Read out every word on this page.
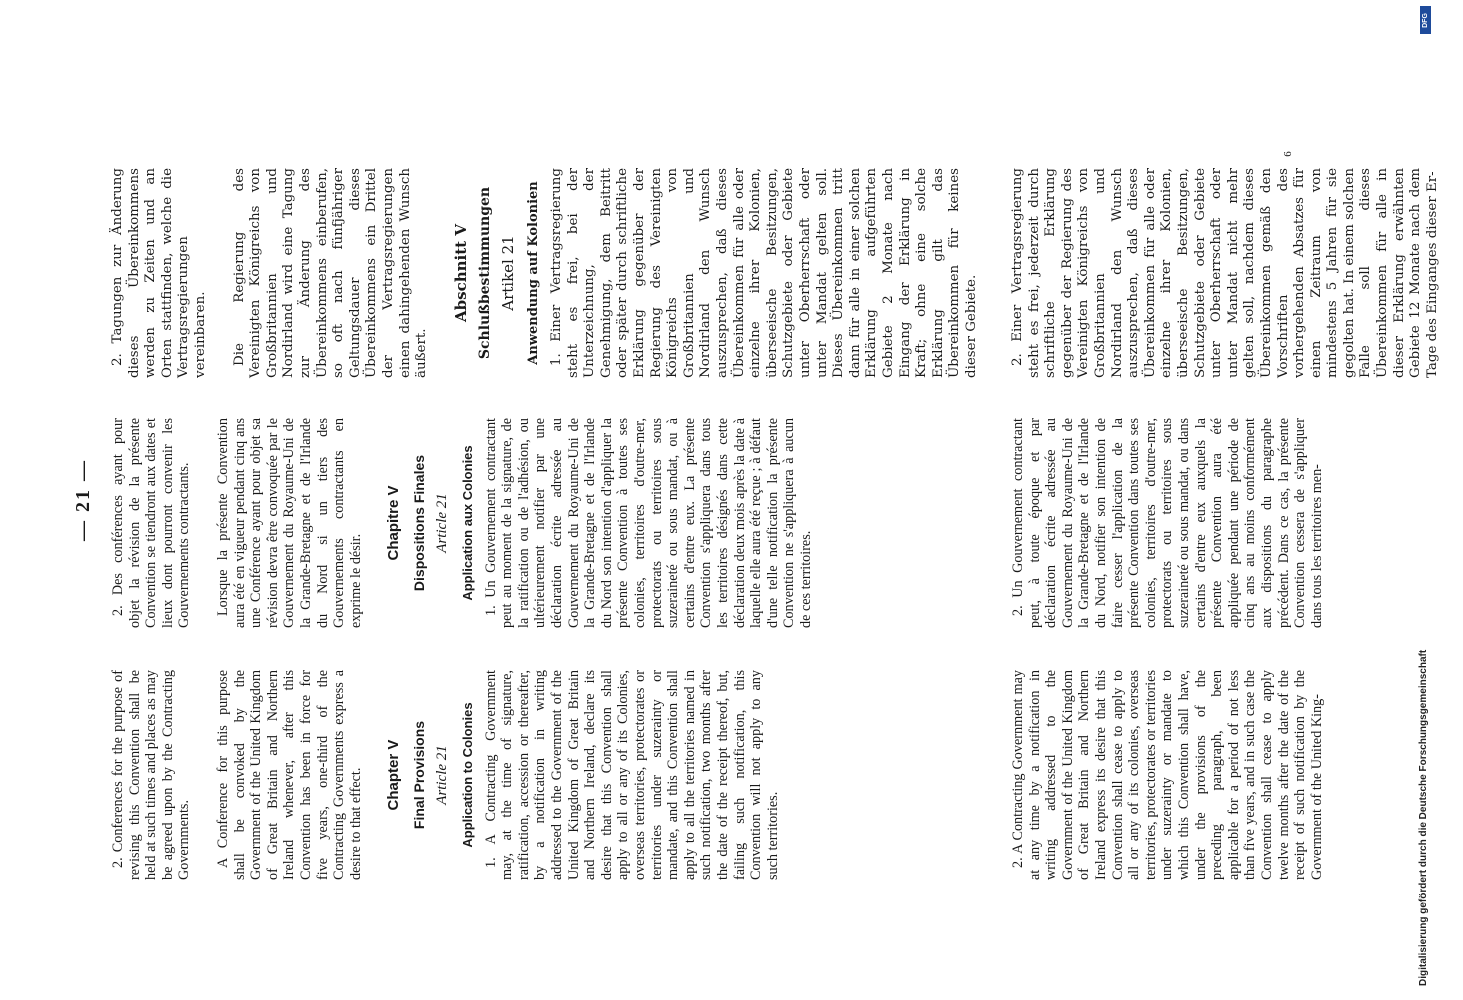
— 21 —

2. Conferences for the purpose of revising this Convention shall be held at such times and places as may be agreed upon by the Contracting Governments. A Conference for this purpose shall be convoked by the Government of the United Kingdom of Great Britain and Northern Ireland whenever, after this Convention has been in force for five years, one-third of the Contracting Governments express a desire to that effect. Chapter V Final Provisions Article 21 Application to Colonies 1. A Contracting Government may, at the time of signature, ratification, accession or thereafter, by a notification in writing addressed to the Government of the United Kingdom of Great Britain and Northern Ireland, declare its desire that this Convention shall apply to all or any of its Colonies, overseas territories, protectorates or territories under suzerainty or mandate, and this Convention shall apply to all the territories named in such notification, two months after the date of the receipt thereof, but, failing such notification, this Convention will not apply to any such territories.	2. A Contracting Government may at any time by a notification in writing addressed to the Government of the United Kingdom of Great Britain and Northern Ireland express its desire that this Convention shall cease to apply to all or any of its colonies, overseas territories, protectorates or territories under suzerainty or mandate to which this Convention shall have, under the provisions of the preceding paragraph, been applicable for a period of not less than five years, and in such case the Convention shall cease to apply twelve months after the date of the receipt of such notification by the Government of the United King-

2. Des conférences ayant pour objet la révision de la présente Convention se tiendront aux dates et lieux dont pourront convenir les Gouvernements contractants. Lorsque la présente Convention aura été en vigueur pendant cinq ans une Conférence ayant pour objet sa révision devra être convoquée par le Gouvernement du Royaume-Uni de la Grande-Bretagne et de l'Irlande du Nord si un tiers des Gouvernements contractants en exprime le désir.

Chapitre V Dispositions Finales Article 21 Application aux Colonies 1. Un Gouvernement contractant peut au moment de la signature, de la ratification ou de l'adhésion, ou ultérieurement notifier par une déclaration écrite adressée au Gouvernement du Royaume-Uni de la Grande-Bretagne et de l'Irlande du Nord son intention d'appliquer la présente Convention à toutes ses colonies, territoires d'outre-mer, protectorats ou territoires sous suzeraineté ou sous mandat, ou à certains d'entre eux. La présente Convention s'appliquera dans tous les territoires désignés dans cette déclaration deux mois après la date à laquelle elle aura été reçue ; à défaut d'une telle notification la présente Convention ne s'appliquera à aucun de ces territoires.	2. Un Gouvernement contractant peut, à toute époque et par déclaration écrite adressée au Gouvernement du Royaume-Uni de la Grande-Bretagne et de l'Irlande du Nord, notifier son intention de faire cesser l'application de la présente Convention dans toutes ses colonies, territoires d'outre-mer, protectorats ou territoires sous suzeraineté ou sous mandat, ou dans certains d'entre eux auxquels la présente Convention aura été appliquée pendant une période de cinq ans au moins conformément aux dispositions du paragraphe précédent. Dans ce cas, la présente Convention cessera de s'appliquer dans tous les territoires men-

2. Tagungen zur Änderung dieses Übereinkommens werden zu Zeiten und an Orten stattfinden, welche die Vertragsregierungen vereinbaren. Die Regierung des Vereinigten Königreichs von Großbritannien und Nordirland wird eine Tagung zur Änderung des Übereinkommens einberufen, so oft nach fünfjähriger Geltungsdauer dieses Übereinkommens ein Drittel der Vertragsregierungen einen dahingehenden Wunsch äußert.

Abschnitt V Schlußbestimmungen Artikel 21 Anwendung auf Kolonien 1. Einer Vertragsregierung steht es frei, bei der Unterzeichnung, der Genehmigung, dem Beitritt oder später durch schriftliche Erklärung gegenüber der Regierung des Vereinigten Königreichs von Großbritannien und Nordirland den Wunsch auszusprechen, daß dieses Übereinkommen für alle oder einzelne ihrer Kolonien, überseeische Besitzungen, Schutzgebiete oder Gebiete unter Oberherrschaft oder unter Mandat gelten soll. Dieses Übereinkommen tritt dann für alle in einer solchen Erklärung aufgeführten Gebiete 2 Monate nach Eingang der Erklärung in Kraft; ohne eine solche Erklärung gilt das Übereinkommen für keines dieser Gebiete. 2. Einer Vertragsregierung steht es frei, jederzeit durch schriftliche Erklärung gegenüber der Regierung des Vereinigten Königreichs von Großbritannien und Nordirland den Wunsch auszusprechen, daß dieses Übereinkommen für alle oder einzelne ihrer Kolonien, überseeische Besitzungen, Schutzgebiete oder Gebiete unter Oberherrschaft oder unter Mandat nicht mehr gelten soll, nachdem dieses Übereinkommen gemäß den Vorschriften des vorhergehenden Absatzes für einen Zeitraum von mindestens 5 Jahren für sie gegolten hat. In einem solchen Falle soll dieses Übereinkommen für alle in dieser Erklärung erwähnten Gebiete 12 Monate nach dem Tage des Einganges dieser Er-

6
Digitalisierung gefördert durch die Deutsche Forschungsgemeinschaft
DFG
